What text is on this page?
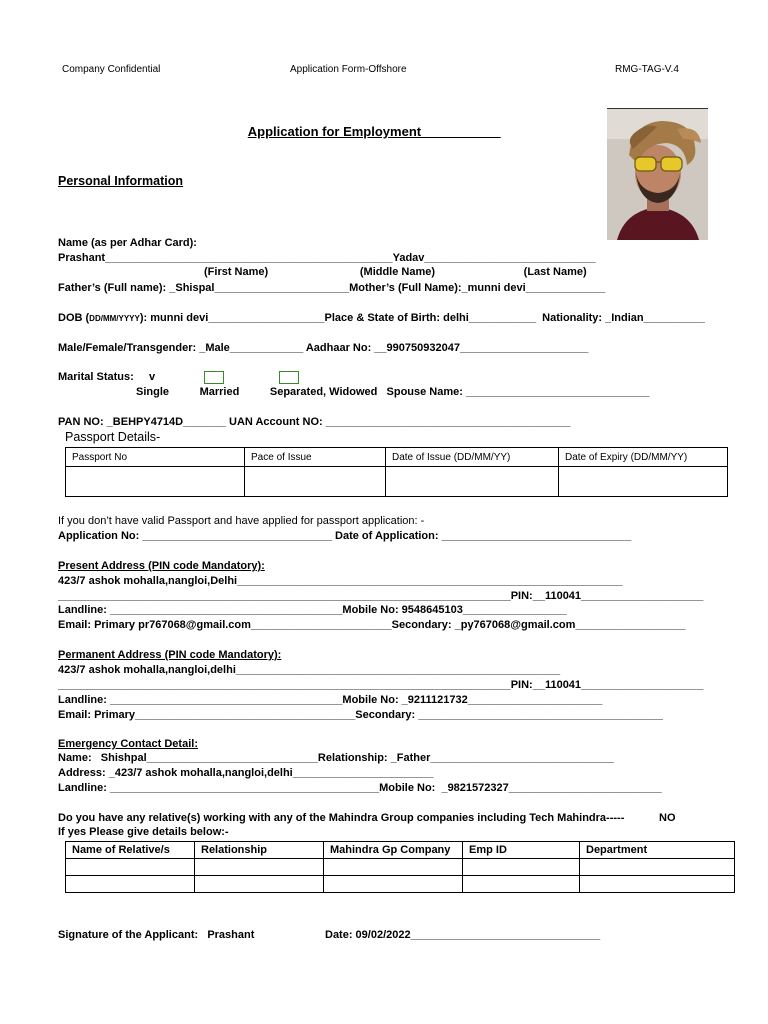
Company Confidential	Application Form-Offshore	RMG-TAG-V.4

Application for Employment___________

Personal Information
Name (as per Adhar Card):
Prashant_______________________________________________Yadav____________________________
(First Name)                              (Middle Name)                             (Last Name)
Father’s (Full name): _Shispal______________________Mother’s (Full Name):_munni devi_____________
DOB (DD/MM/YYYY): munni devi___________________Place & State of Birth: delhi___________  Nationality: _Indian__________
Male/Female/Transgender: _Male____________ Aadhaar No: __990750932047_____________________
Marital Status: v
Single          Married          Separated, Widowed   Spouse Name: ______________________________
PAN NO: _BEHPY4714D_______ UAN Account NO: ________________________________________
Passport Details-
Passport No	Pace of Issue	Date of Issue (DD/MM/YY)	Date of Expiry (DD/MM/YY)

If you don’t have valid Passport and have applied for passport application: -
Application No: _______________________________ Date of Application: _______________________________
Present Address (PIN code Mandatory):
423/7 ashok mohalla,nangloi,Delhi_______________________________________________________________
__________________________________________________________________________PIN:__110041____________________
Landline: ______________________________________Mobile No: 9548645103_________________
Email: Primary pr767068@gmail.com_______________________Secondary: _py767068@gmail.com__________________
Permanent Address (PIN code Mandatory):
423/7 ashok mohalla,nangloi,delhi_____________________________________________________
__________________________________________________________________________PIN:__110041____________________
Landline: ______________________________________Mobile No: _9211121732______________________
Email: Primary____________________________________Secondary: ________________________________________
Emergency Contact Detail:
Name:   Shishpal____________________________Relationship: _Father______________________________
Address: _423/7 ashok mohalla,nangloi,delhi_______________________
Landline: ____________________________________________Mobile No:  _9821572327_________________________
Do you have any relative(s) working with any of the Mahindra Group companies including Tech Mahindra-----	NO
If yes Please give details below:-
Name of Relative/s	Relationship	Mahindra Gp Company	Emp ID	Department

Signature of the Applicant:   Prashant	Date: 09/02/2022_______________________________
